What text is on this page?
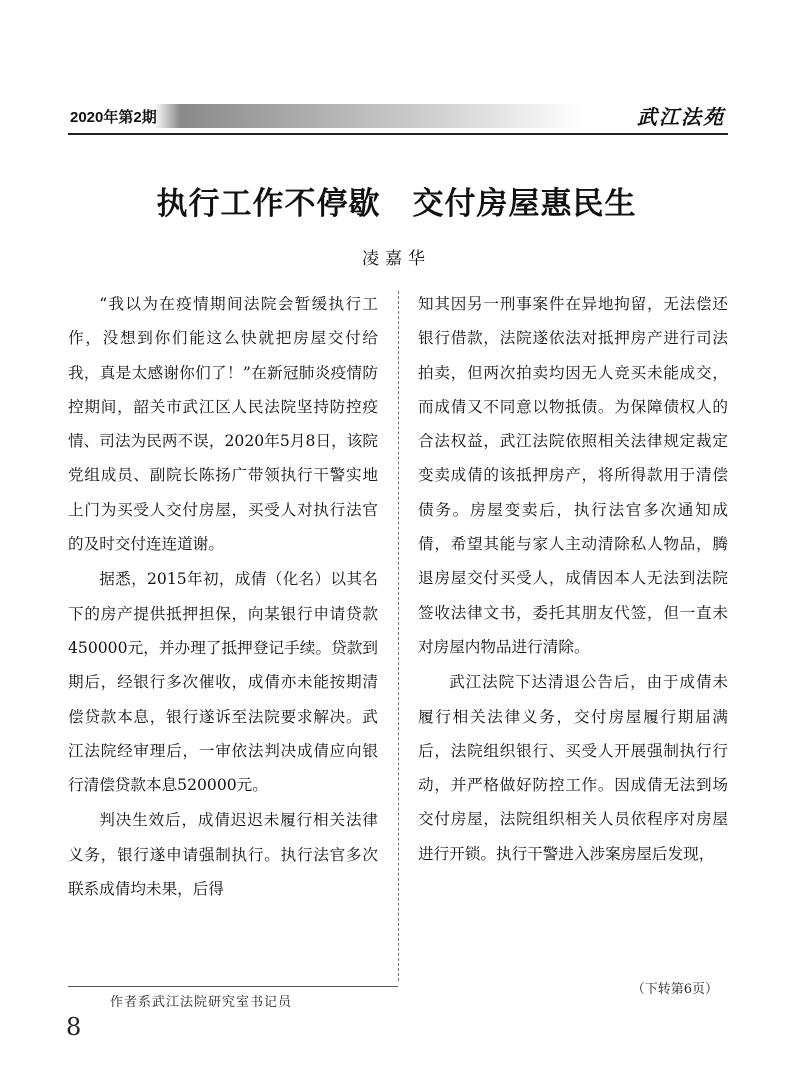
2020年第2期	武江法苑
执行工作不停歇　交付房屋惠民生
凌嘉华

“我以为在疫情期间法院会暂缓执行工作，没想到你们能这么快就把房屋交付给我，真是太感谢你们了！”在新冠肺炎疫情防控期间，韶关市武江区人民法院坚持防控疫情、司法为民两不误，2020年5月8日，该院党组成员、副院长陈扬广带领执行干警实地上门为买受人交付房屋，买受人对执行法官的及时交付连连道谢。

据悉，2015年初，成倩（化名）以其名下的房产提供抵押担保，向某银行申请贷款450000元，并办理了抵押登记手续。贷款到期后，经银行多次催收，成倩亦未能按期清偿贷款本息，银行遂诉至法院要求解决。武江法院经审理后，一审依法判决成倩应向银行清偿贷款本息520000元。

判决生效后，成倩迟迟未履行相关法律义务，银行遂申请强制执行。执行法官多次联系成倩均未果，后得

知其因另一刑事案件在异地拘留，无法偿还银行借款，法院遂依法对抵押房产进行司法拍卖，但两次拍卖均因无人竞买未能成交，而成倩又不同意以物抵债。为保障债权人的合法权益，武江法院依照相关法律规定裁定变卖成倩的该抵押房产，将所得款用于清偿债务。房屋变卖后，执行法官多次通知成倩，希望其能与家人主动清除私人物品，腾退房屋交付买受人，成倩因本人无法到法院签收法律文书，委托其朋友代签，但一直未对房屋内物品进行清除。

武江法院下达清退公告后，由于成倩未履行相关法律义务，交付房屋履行期届满后，法院组织银行、买受人开展强制执行行动，并严格做好防控工作。因成倩无法到场交付房屋，法院组织相关人员依程序对房屋进行开锁。执行干警进入涉案房屋后发现，

作者系武江法院研究室书记员
（下转第6页）
8
